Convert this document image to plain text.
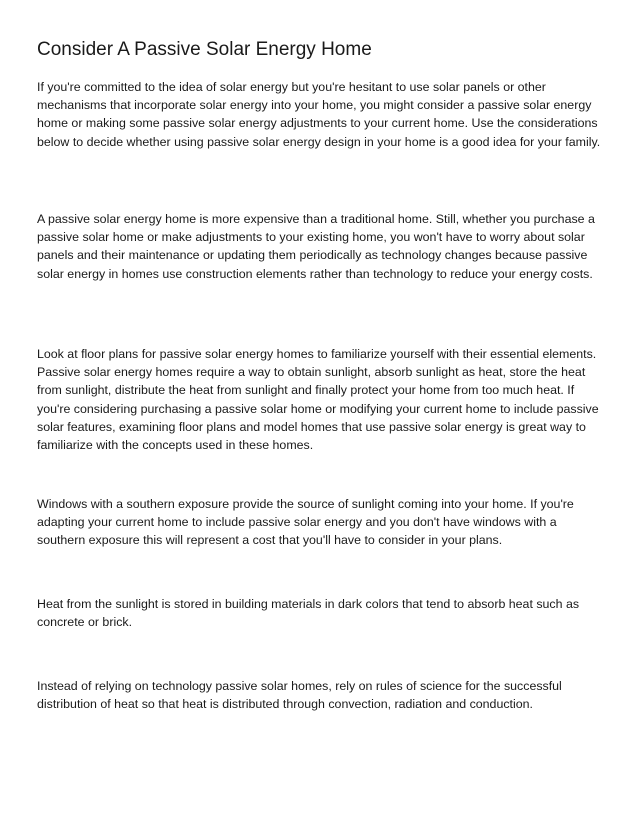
Consider A Passive Solar Energy Home

If you're committed to the idea of solar energy but you're hesitant to use solar panels or other mechanisms that incorporate solar energy into your home, you might consider a passive solar energy home or making some passive solar energy adjustments to your current home. Use the considerations below to decide whether using passive solar energy design in your home is a good idea for your family.

A passive solar energy home is more expensive than a traditional home. Still, whether you purchase a passive solar home or make adjustments to your existing home, you won't have to worry about solar panels and their maintenance or updating them periodically as technology changes because passive solar energy in homes use construction elements rather than technology to reduce your energy costs.

Look at floor plans for passive solar energy homes to familiarize yourself with their essential elements. Passive solar energy homes require a way to obtain sunlight, absorb sunlight as heat, store the heat from sunlight, distribute the heat from sunlight and finally protect your home from too much heat. If you're considering purchasing a passive solar home or modifying your current home to include passive solar features, examining floor plans and model homes that use passive solar energy is great way to familiarize with the concepts used in these homes.

Windows with a southern exposure provide the source of sunlight coming into your home. If you're adapting your current home to include passive solar energy and you don't have windows with a southern exposure this will represent a cost that you'll have to consider in your plans.

Heat from the sunlight is stored in building materials in dark colors that tend to absorb heat such as concrete or brick.

Instead of relying on technology passive solar homes, rely on rules of science for the successful distribution of heat so that heat is distributed through convection, radiation and conduction.
